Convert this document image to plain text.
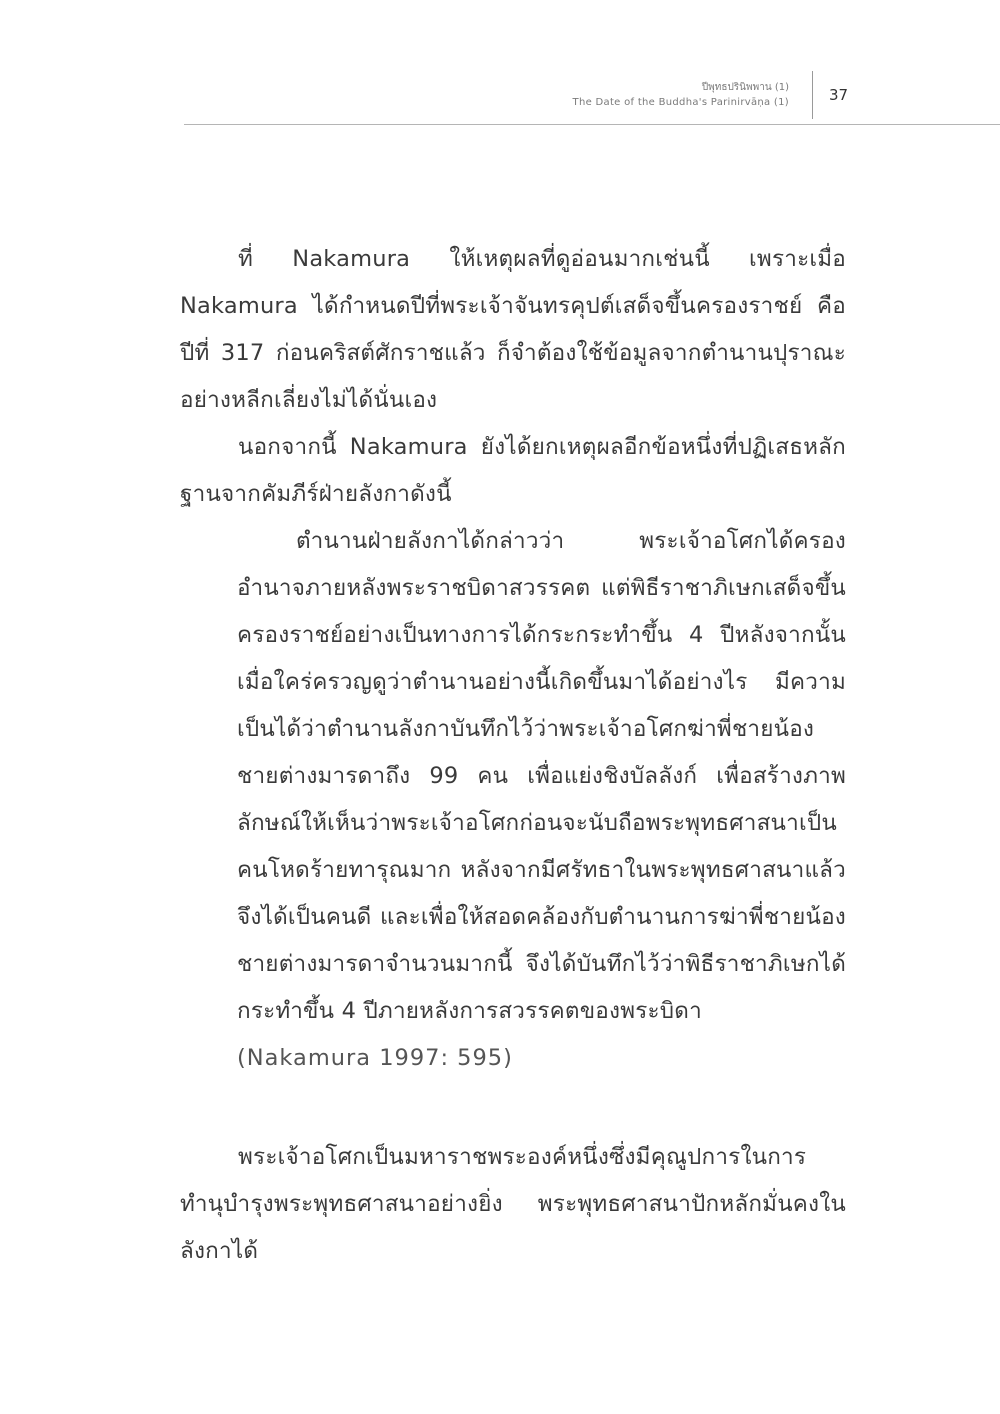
ปีพุทธปรินิพพาน (1)
The Date of the Buddha's Parinirvāṇa (1)	37

ที่ Nakamura ให้เหตุผลที่ดูอ่อนมากเช่นนี้ เพราะเมื่อ Nakamura ได้กำหนดปีที่พระเจ้าจันทรคุปต์เสด็จขึ้นครองราชย์ คือ ปีที่ 317 ก่อนคริสต์ศักราชแล้ว ก็จำต้องใช้ข้อมูลจากตำนานปุราณะอย่างหลีกเลี่ยงไม่ได้นั่นเอง

นอกจากนี้ Nakamura ยังได้ยกเหตุผลอีกข้อหนึ่งที่ปฏิเสธหลักฐานจากคัมภีร์ฝ่ายลังกาดังนี้

ตำนานฝ่ายลังกาได้กล่าวว่า พระเจ้าอโศกได้ครองอำนาจภายหลังพระราชบิดาสวรรคต แต่พิธีราชาภิเษกเสด็จขึ้นครองราชย์อย่างเป็นทางการได้กระกระทำขึ้น 4 ปีหลังจากนั้น เมื่อใคร่ครวญดูว่าตำนานอย่างนี้เกิดขึ้นมาได้อย่างไร มีความเป็นได้ว่าตำนานลังกาบันทึกไว้ว่าพระเจ้าอโศกฆ่าพี่ชายน้องชายต่างมารดาถึง 99 คน เพื่อแย่งชิงบัลลังก์ เพื่อสร้างภาพลักษณ์ให้เห็นว่าพระเจ้าอโศกก่อนจะนับถือพระพุทธศาสนาเป็นคนโหดร้ายทารุณมาก หลังจากมีศรัทธาในพระพุทธศาสนาแล้วจึงได้เป็นคนดี และเพื่อให้สอดคล้องกับตำนานการฆ่าพี่ชายน้องชายต่างมารดาจำนวนมากนี้ จึงได้บันทึกไว้ว่าพิธีราชาภิเษกได้กระทำขึ้น 4 ปีภายหลังการสวรรคตของพระบิดา

(Nakamura 1997: 595)

พระเจ้าอโศกเป็นมหาราชพระองค์หนึ่งซึ่งมีคุณูปการในการทำนุบำรุงพระพุทธศาสนาอย่างยิ่ง พระพุทธศาสนาปักหลักมั่นคงในลังกาได้
